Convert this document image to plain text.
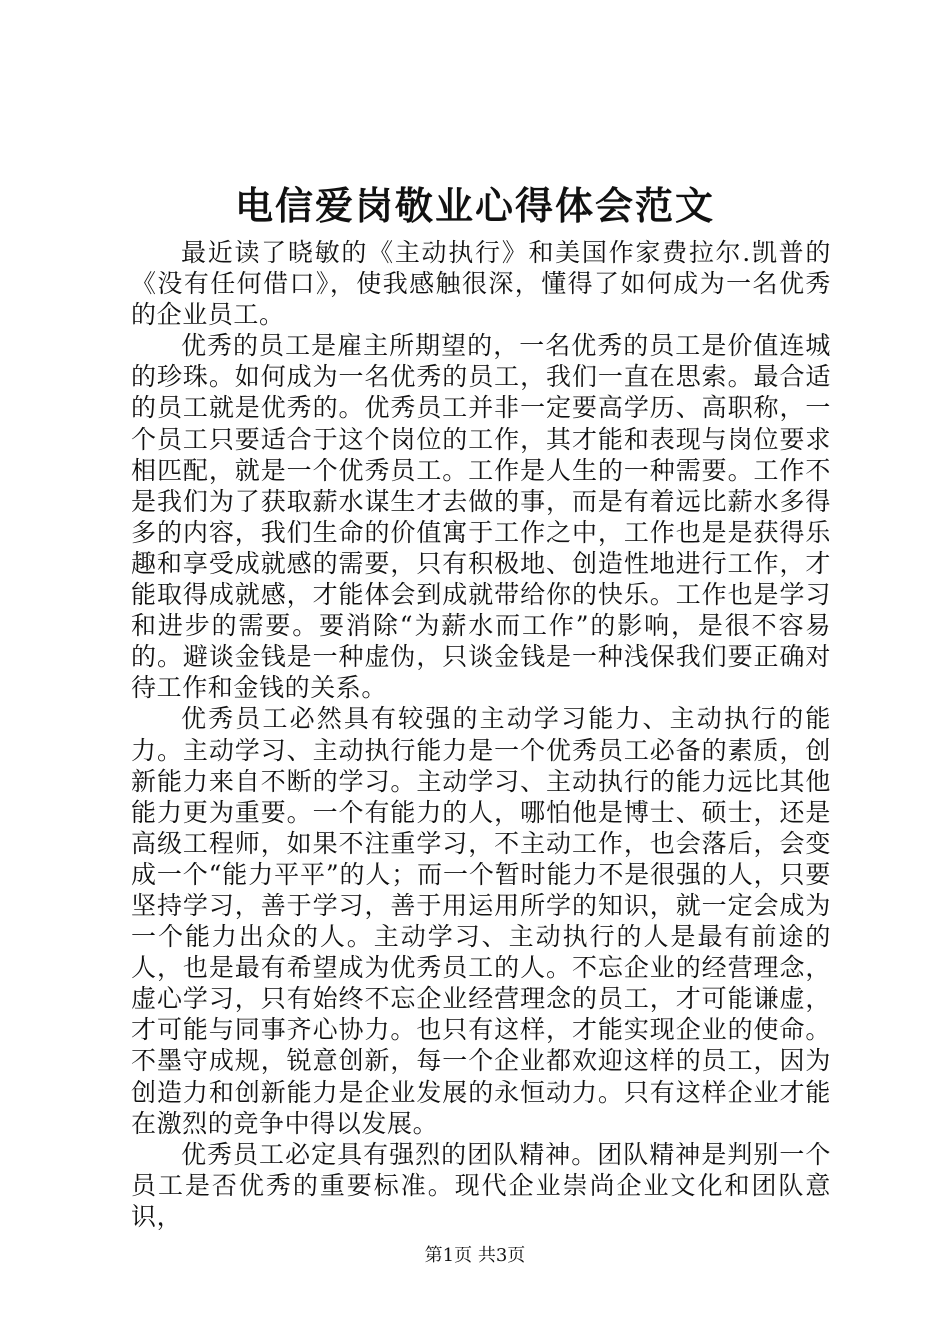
电信爱岗敬业心得体会范文

最近读了晓敏的《主动执行》和美国作家费拉尔.凯普的《没有任何借口》，使我感触很深，懂得了如何成为一名优秀的企业员工。

优秀的员工是雇主所期望的，一名优秀的员工是价值连城的珍珠。如何成为一名优秀的员工，我们一直在思索。最合适的员工就是优秀的。优秀员工并非一定要高学历、高职称，一个员工只要适合于这个岗位的工作，其才能和表现与岗位要求相匹配，就是一个优秀员工。工作是人生的一种需要。工作不是我们为了获取薪水谋生才去做的事，而是有着远比薪水多得多的内容，我们生命的价值寓于工作之中，工作也是是获得乐趣和享受成就感的需要，只有积极地、创造性地进行工作，才能取得成就感，才能体会到成就带给你的快乐。工作也是学习和进步的需要。要消除“为薪水而工作”的影响，是很不容易的。避谈金钱是一种虚伪，只谈金钱是一种浅保我们要正确对待工作和金钱的关系。

优秀员工必然具有较强的主动学习能力、主动执行的能力。主动学习、主动执行能力是一个优秀员工必备的素质，创新能力来自不断的学习。主动学习、主动执行的能力远比其他能力更为重要。一个有能力的人，哪怕他是博士、硕士，还是高级工程师，如果不注重学习，不主动工作，也会落后，会变成一个“能力平平”的人；而一个暂时能力不是很强的人，只要坚持学习，善于学习，善于用运用所学的知识，就一定会成为一个能力出众的人。主动学习、主动执行的人是最有前途的人，也是最有希望成为优秀员工的人。不忘企业的经营理念，虚心学习，只有始终不忘企业经营理念的员工，才可能谦虚，才可能与同事齐心协力。也只有这样，才能实现企业的使命。不墨守成规，锐意创新，每一个企业都欢迎这样的员工，因为创造力和创新能力是企业发展的永恒动力。只有这样企业才能在激烈的竞争中得以发展。

优秀员工必定具有强烈的团队精神。团队精神是判别一个员工是否优秀的重要标准。现代企业崇尚企业文化和团队意识，

第1页 共3页
